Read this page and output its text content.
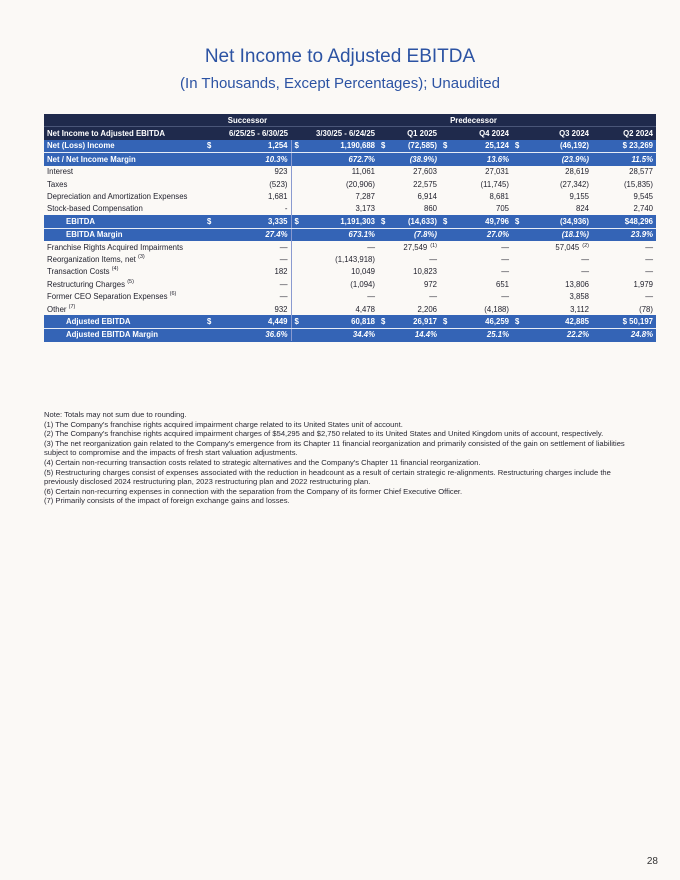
Net Income to Adjusted EBITDA
(In Thousands, Except Percentages); Unaudited
	Successor	Predecessor				
Net Income to Adjusted EBITDA	6/25/25 - 6/30/25	3/30/25 - 6/24/25	Q1 2025	Q4 2024	Q3 2024	Q2 2024
Net (Loss) Income	$ 1,254	$ 1,190,688	$ (72,585)	$ 25,124	$ (46,192)	$ 23,269
Net / Net Income Margin	10.3%	672.7%	(38.9%)	13.6%	(23.9%)	11.5%
Interest	923	11,061	27,603	27,031	28,619	28,577
Taxes	(523)	(20,906)	22,575	(11,745)	(27,342)	(15,835)
Depreciation and Amortization Expenses	1,681	7,287	6,914	8,681	9,155	9,545
Stock-based Compensation	-	3,173	860	705	824	2,740
EBITDA	$ 3,335	$ 1,191,303	$ (14,633)	$ 49,796	$ (34,936)	$48,296
EBITDA Margin	27.4%	673.1%	(7.8%)	27.0%	(18.1%)	23.9%
Franchise Rights Acquired Impairments	—	—	27,549 $^{(1)}$	—	57,045 $^{(2)}$	—
Reorganization Items, net $^{(3)}$	—	(1,143,918)	—	—	—	—
Transaction Costs $^{(4)}$	182	10,049	10,823	—	—	—
Restructuring Charges $^{(5)}$	—	(1,094)	972	651	13,806	1,979
Former CEO Separation Expenses $^{(6)}$	—	—	—	—	3,858	—
Other $^{(7)}$	932	4,478	2,206	(4,188)	3,112	(78)
Adjusted EBITDA	$ 4,449	$ 60,818	$ 26,917	$ 46,259	$ 42,885	$ 50,197
Adjusted EBITDA Margin	36.6%	34.4%	14.4%	25.1%	22.2%	24.8%

Note: Totals may not sum due to rounding.

(1) The Company's franchise rights acquired impairment charge related to its United States unit of account.

(2) The Company's franchise rights acquired impairment charges of $54,295 and $2,750 related to its United States and United Kingdom units of account, respectively.

(3) The net reorganization gain related to the Company's emergence from its Chapter 11 financial reorganization and primarily consisted of the gain on settlement of liabilities subject to compromise and the impacts of fresh start valuation adjustments.

(4) Certain non-recurring transaction costs related to strategic alternatives and the Company's Chapter 11 financial reorganization.

(5) Restructuring charges consist of expenses associated with the reduction in headcount as a result of certain strategic re-alignments. Restructuring charges include the previously disclosed 2024 restructuring plan, 2023 restructuring plan and 2022 restructuring plan.

(6) Certain non-recurring expenses in connection with the separation from the Company of its former Chief Executive Officer.

(7) Primarily consists of the impact of foreign exchange gains and losses.

28
